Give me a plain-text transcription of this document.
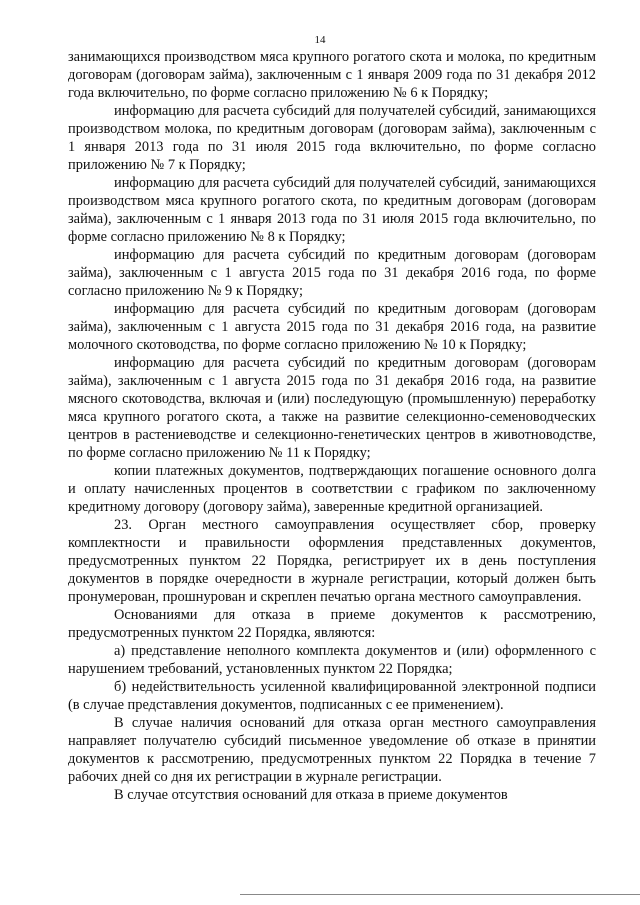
14

занимающихся производством мяса крупного рогатого скота и молока, по кредитным договорам (договорам займа), заключенным с 1 января 2009 года по 31 декабря 2012 года включительно, по форме согласно приложению № 6 к Порядку;

информацию для расчета субсидий для получателей субсидий, занимающихся производством молока, по кредитным договорам (договорам займа), заключенным с 1 января 2013 года по 31 июля 2015 года включительно, по форме согласно приложению № 7 к Порядку;

информацию для расчета субсидий для получателей субсидий, занимающихся производством мяса крупного рогатого скота, по кредитным договорам (договорам займа), заключенным с 1 января 2013 года по 31 июля 2015 года включительно, по форме согласно приложению № 8 к Порядку;

информацию для расчета субсидий по кредитным договорам (договорам займа), заключенным с 1 августа 2015 года по 31 декабря 2016 года, по форме согласно приложению № 9 к Порядку;

информацию для расчета субсидий по кредитным договорам (договорам займа), заключенным с 1 августа 2015 года по 31 декабря 2016 года, на развитие молочного скотоводства, по форме согласно приложению № 10 к Порядку;

информацию для расчета субсидий по кредитным договорам (договорам займа), заключенным с 1 августа 2015 года по 31 декабря 2016 года, на развитие мясного скотоводства, включая и (или) последующую (промышленную) переработку мяса крупного рогатого скота, а также на развитие селекционно-семеноводческих центров в растениеводстве и селекционно-генетических центров в животноводстве, по форме согласно приложению № 11 к Порядку;

копии платежных документов, подтверждающих погашение основного долга и оплату начисленных процентов в соответствии с графиком по заключенному кредитному договору (договору займа), заверенные кредитной организацией.

23. Орган местного самоуправления осуществляет сбор, проверку комплектности и правильности оформления представленных документов, предусмотренных пунктом 22 Порядка, регистрирует их в день поступления документов в порядке очередности в журнале регистрации, который должен быть пронумерован, прошнурован и скреплен печатью органа местного самоуправления.

Основаниями для отказа в приеме документов к рассмотрению, предусмотренных пунктом 22 Порядка, являются:

а) представление неполного комплекта документов и (или) оформленного с нарушением требований, установленных пунктом 22 Порядка;

б) недействительность усиленной квалифицированной электронной подписи (в случае представления документов, подписанных с ее применением).

В случае наличия оснований для отказа орган местного самоуправления направляет получателю субсидий письменное уведомление об отказе в принятии документов к рассмотрению, предусмотренных пунктом 22 Порядка в течение 7 рабочих дней со дня их регистрации в журнале регистрации.

В случае отсутствия оснований для отказа в приеме документов
